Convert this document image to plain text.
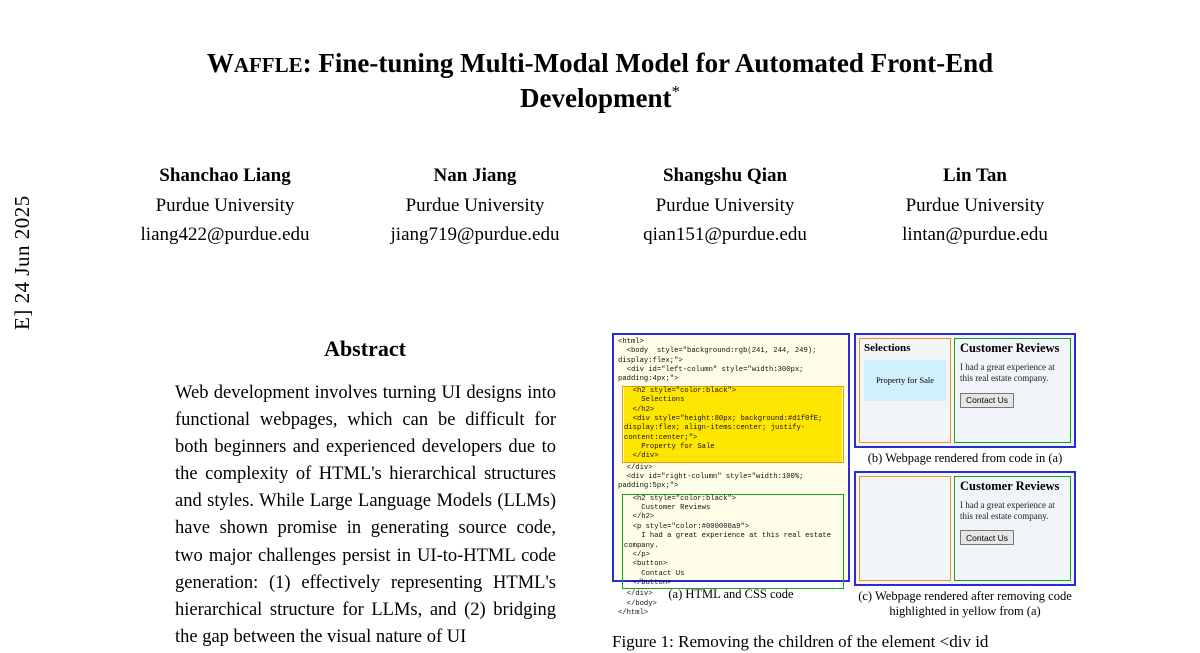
E] 24 Jun 2025
WAFFLE: Fine-tuning Multi-Modal Model for Automated Front-End Development*
Shanchao Liang
Purdue University
liang422@purdue.edu
Nan Jiang
Purdue University
jiang719@purdue.edu
Shangshu Qian
Purdue University
qian151@purdue.edu
Lin Tan
Purdue University
lintan@purdue.edu
Abstract
Web development involves turning UI designs into functional webpages, which can be difficult for both beginners and experienced developers due to the complexity of HTML's hierarchical structures and styles. While Large Language Models (LLMs) have shown promise in generating source code, two major challenges persist in UI-to-HTML code generation: (1) effectively representing HTML's hierarchical structure for LLMs, and (2) bridging the gap between the visual nature of UI
<html>
<body  style="background:rgb(241, 244, 249);
display:flex;">
<div id="left-column" style="width:300px;
padding:4px;">
<h2 style="color:black">
Selections
</h2>
<div style="height:80px; background:#d1f0fE;
display:flex; align-items:center; justify-
content:center;">
Property for Sale
</div>
</div>
<div id="right-column" style="width:100%;
padding:5px;">
<h2 style="color:black">
Customer Reviews
</h2>
<p style="color:#000000a9">
I had a great experience at this real estate
company.
</p>
<button>
Contact Us
</button>
</div>
</body>
</html>
(a) HTML and CSS code
Selections
Property for Sale
Customer Reviews
I had a great experience at this real estate company.
Contact Us
(b) Webpage rendered from code in (a)
Customer Reviews
I had a great experience at this real estate company.
Contact Us
(c) Webpage rendered after removing code highlighted in yellow from (a)
Figure 1: Removing the children of the element <div id
